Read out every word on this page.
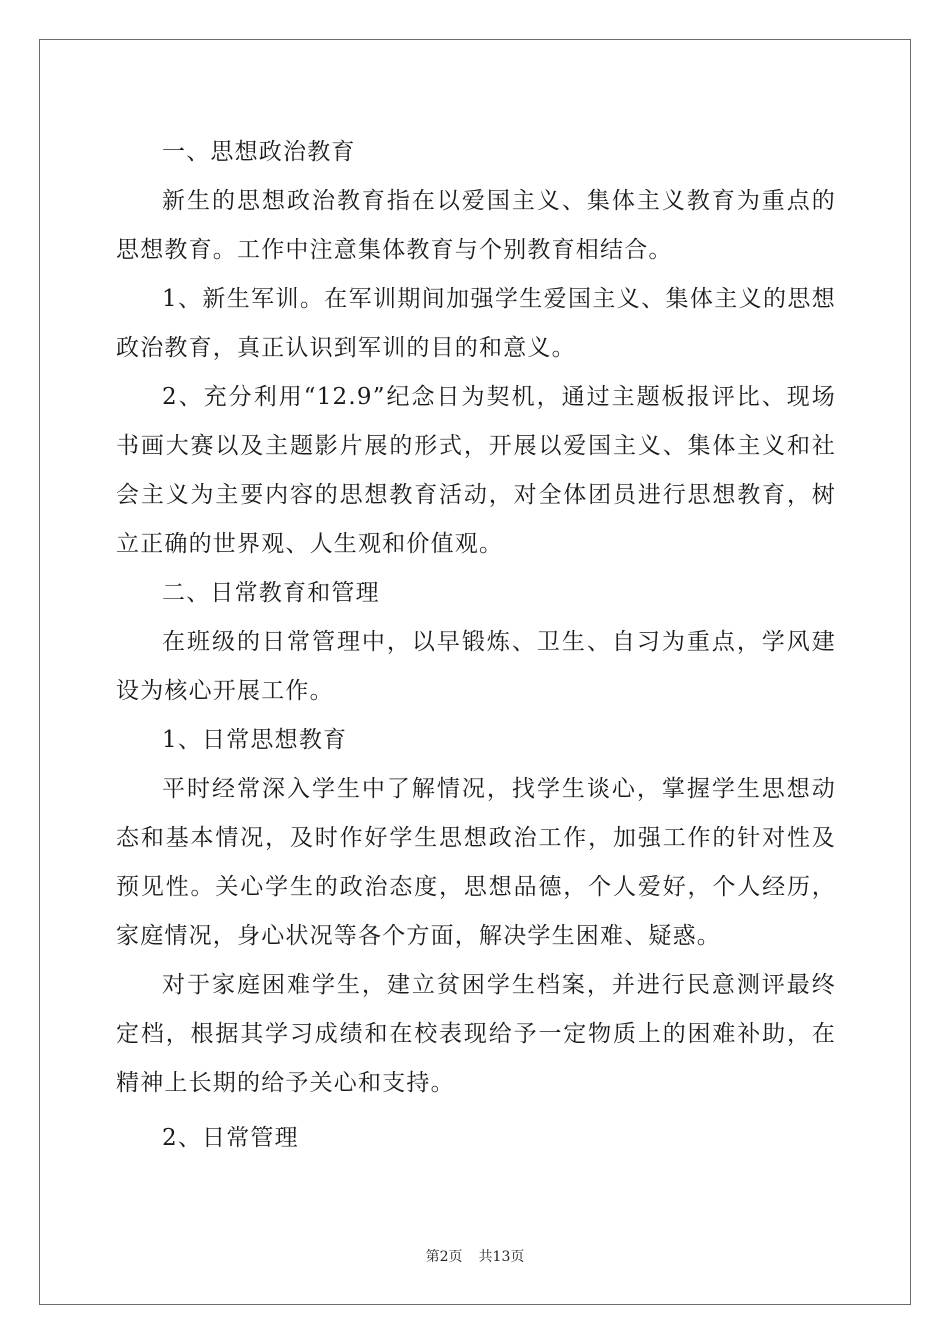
一、思想政治教育

新生的思想政治教育指在以爱国主义、集体主义教育为重点的思想教育。工作中注意集体教育与个别教育相结合。

1、新生军训。在军训期间加强学生爱国主义、集体主义的思想政治教育，真正认识到军训的目的和意义。

2、充分利用“12.9”纪念日为契机，通过主题板报评比、现场书画大赛以及主题影片展的形式，开展以爱国主义、集体主义和社会主义为主要内容的思想教育活动，对全体团员进行思想教育，树立正确的世界观、人生观和价值观。

二、日常教育和管理

在班级的日常管理中，以早锻炼、卫生、自习为重点，学风建设为核心开展工作。

1、日常思想教育

平时经常深入学生中了解情况，找学生谈心，掌握学生思想动态和基本情况，及时作好学生思想政治工作，加强工作的针对性及预见性。关心学生的政治态度，思想品德，个人爱好，个人经历，家庭情况，身心状况等各个方面，解决学生困难、疑惑。

对于家庭困难学生，建立贫困学生档案，并进行民意测评最终定档，根据其学习成绩和在校表现给予一定物质上的困难补助，在精神上长期的给予关心和支持。

2、日常管理

第2页 共13页
